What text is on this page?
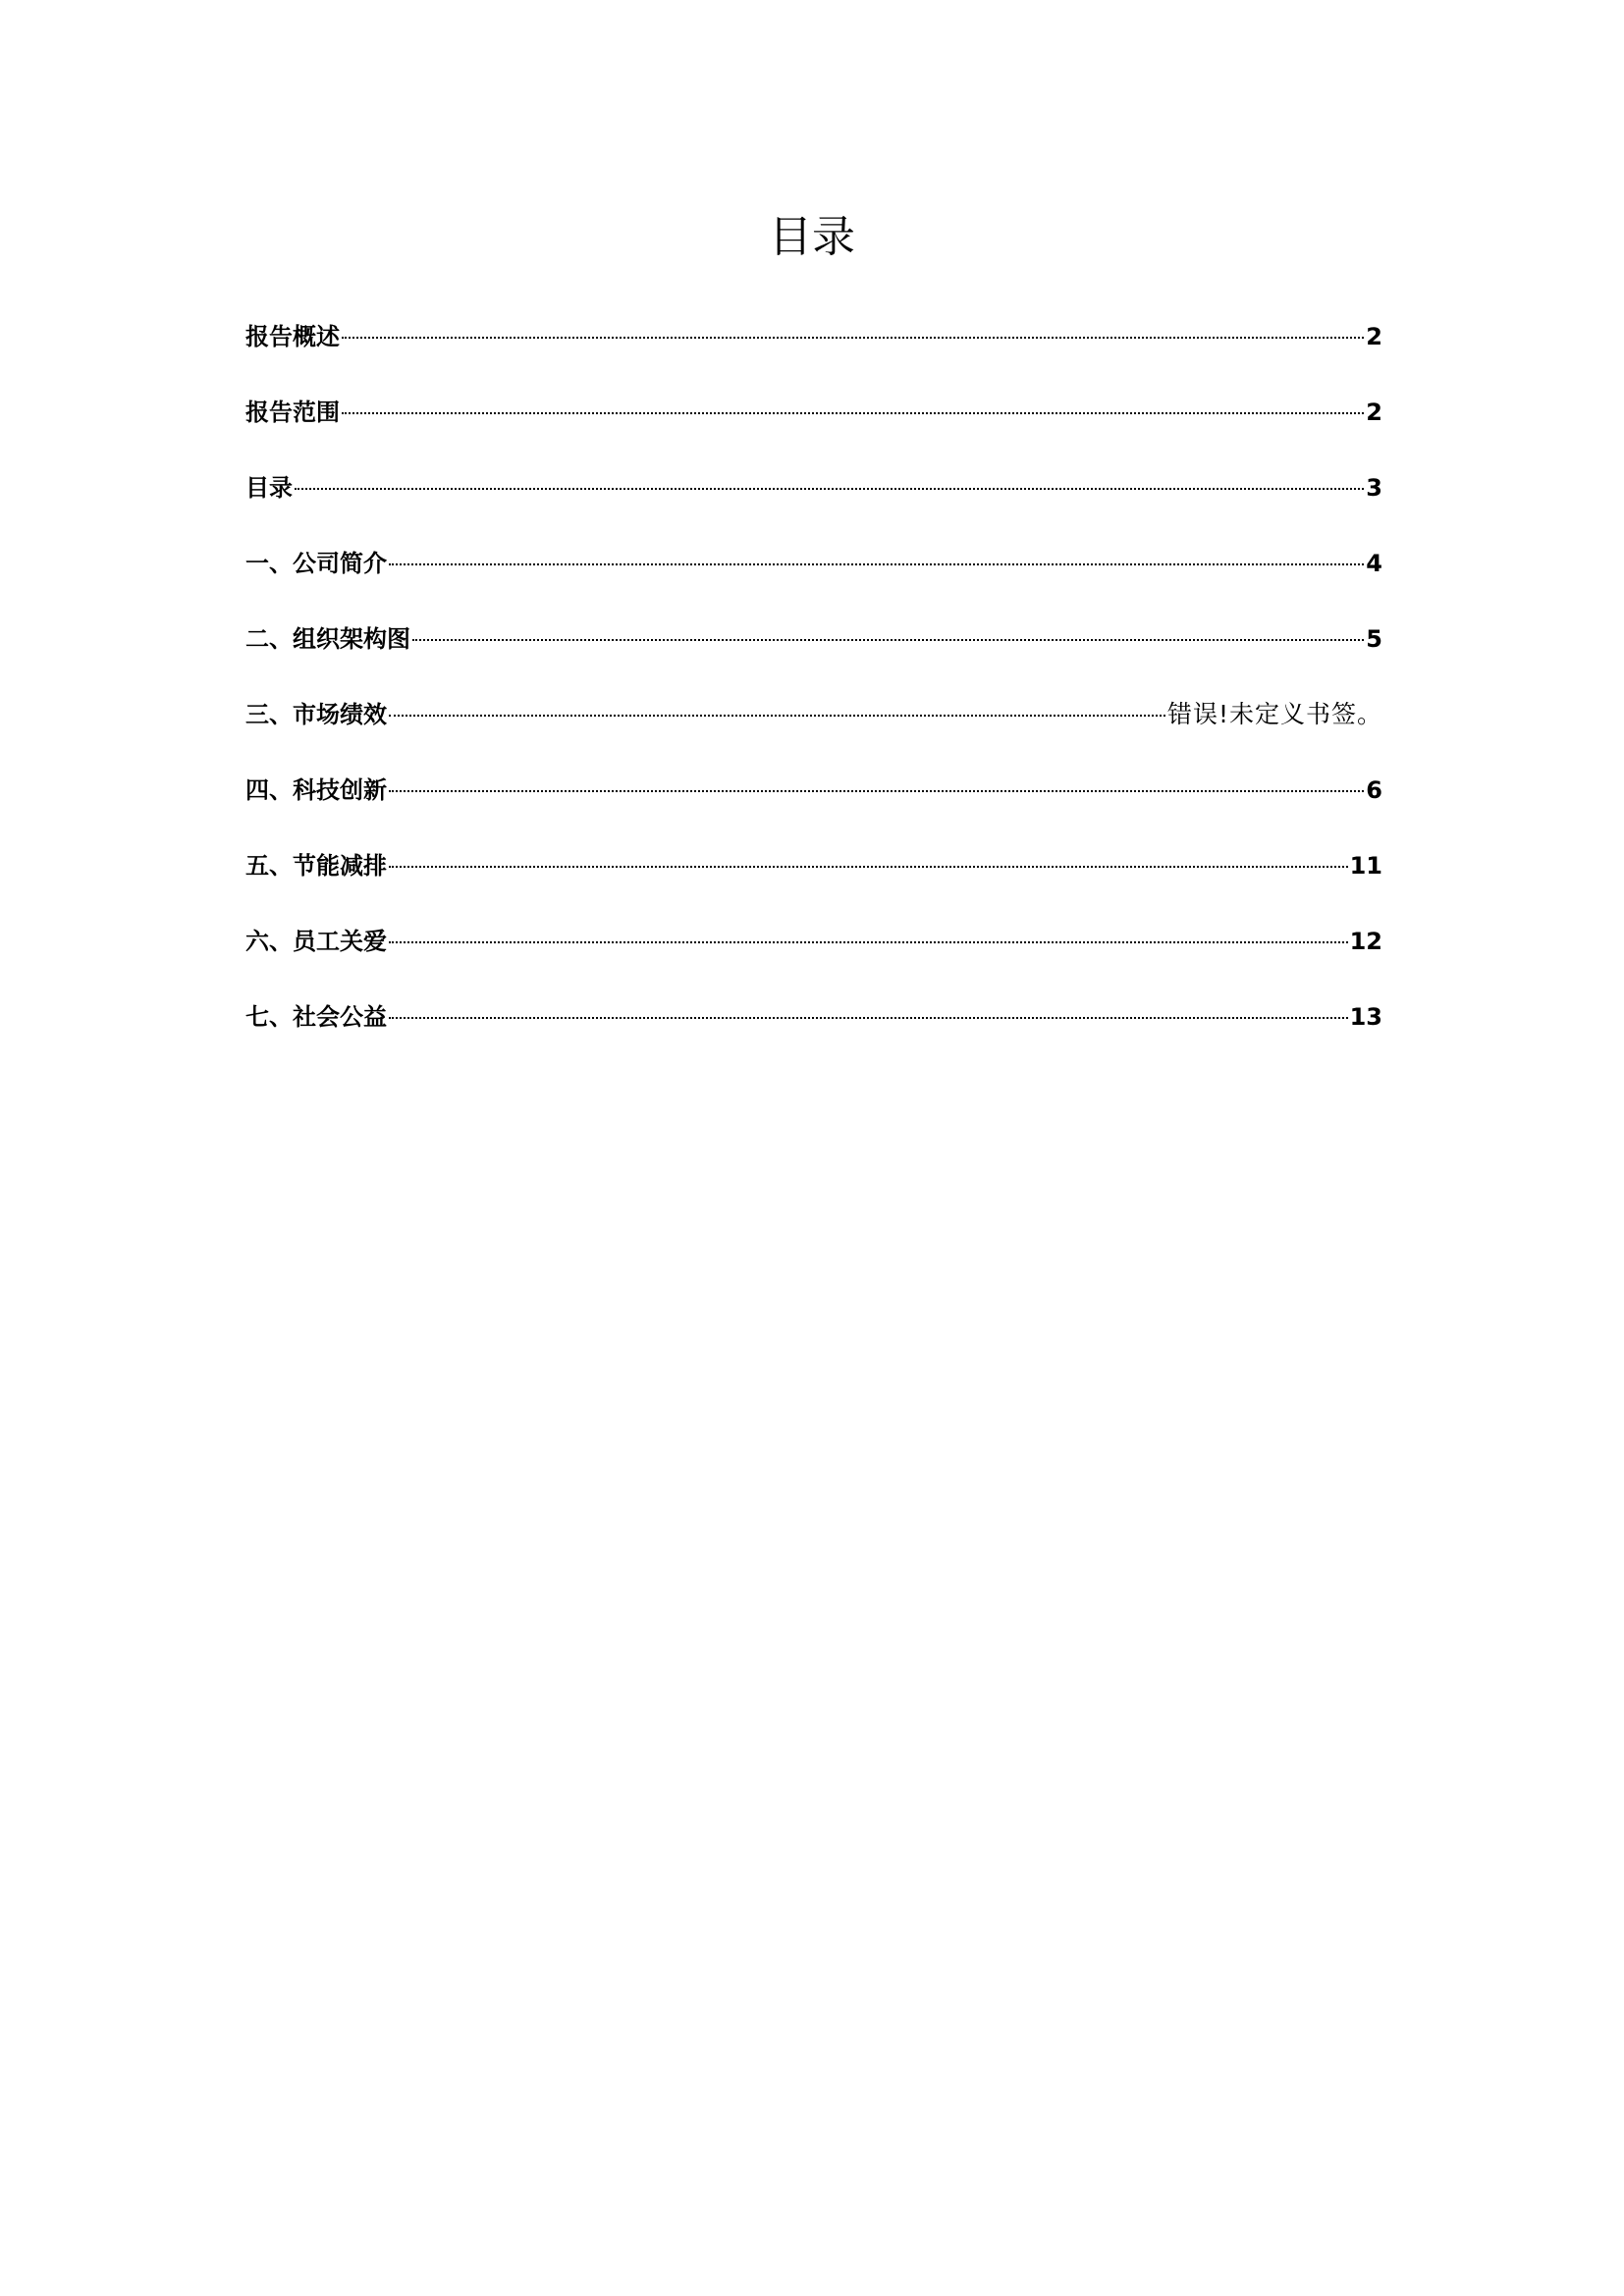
目录
报告概述	2
报告范围	2
目录	3
一、公司简介	4
二、组织架构图	5
三、市场绩效	错误!未定义书签。
四、科技创新	6
五、节能减排	11
六、员工关爱	12
七、社会公益	13
